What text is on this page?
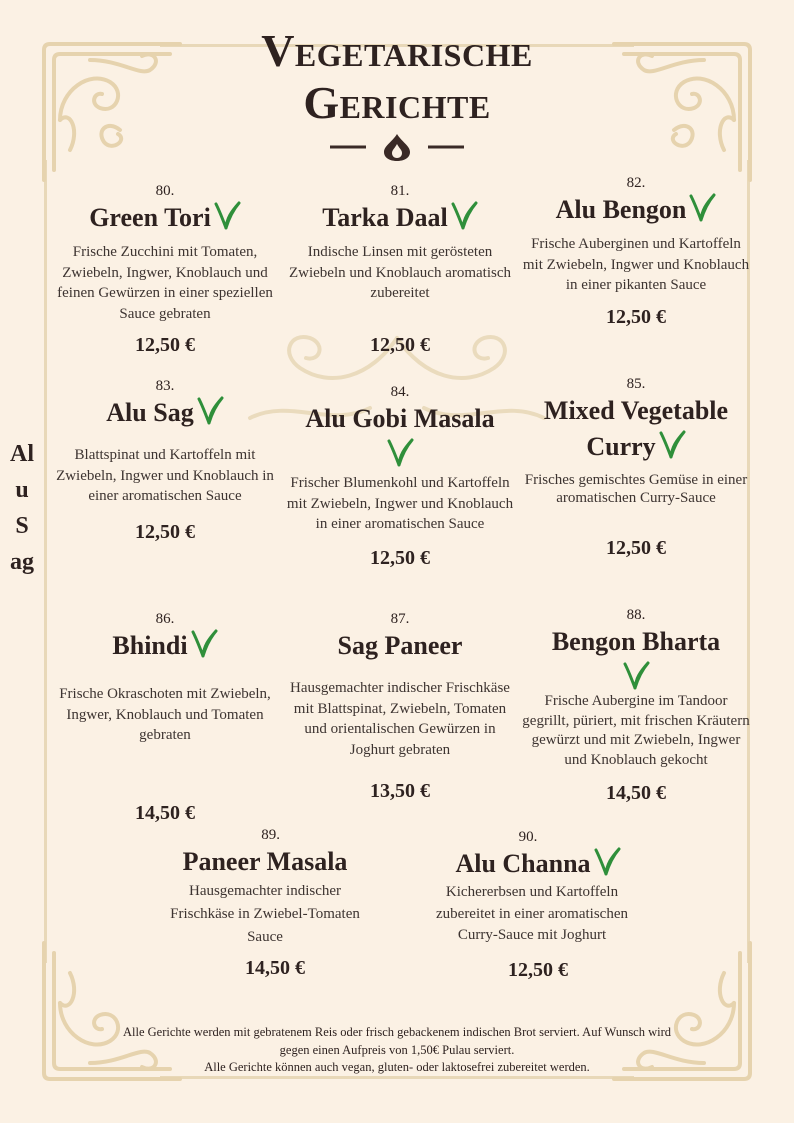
Vegetarische
Gerichte
AluSag
80.
Green Tori
Frische Zucchini mit Tomaten, Zwiebeln, Ingwer, Knoblauch und feinen Gewürzen in einer speziellen Sauce gebraten
12,50 €
81.
Tarka Daal
Indische Linsen mit gerösteten Zwiebeln und Knoblauch aromatisch zubereitet
12,50 €
82.
Alu Bengon
Frische Auberginen und Kartoffeln mit Zwiebeln, Ingwer und Knoblauch in einer pikanten Sauce
12,50 €
83.
Alu Sag
Blattspinat und Kartoffeln mit Zwiebeln, Ingwer und Knoblauch in einer aromatischen Sauce
12,50 €
84.
Alu Gobi Masala
Frischer Blumenkohl und Kartoffeln mit Zwiebeln, Ingwer und Knoblauch in einer aromatischen Sauce
12,50 €
85.
Mixed Vegetable Curry
Frisches gemischtes Gemüse in einer aromatischen Curry-Sauce
12,50 €
86.
Bhindi
Frische Okraschoten mit Zwiebeln, Ingwer, Knoblauch und Tomaten gebraten
14,50 €
87.
Sag Paneer
Hausgemachter indischer Frischkäse mit Blattspinat, Zwiebeln, Tomaten und orientalischen Gewürzen in Joghurt gebraten
13,50 €
88.
Bengon Bharta
Frische Aubergine im Tandoor gegrillt, püriert, mit frischen Kräutern gewürzt und mit Zwiebeln, Ingwer und Knoblauch gekocht
14,50 €
89.
Paneer Masala
Hausgemachter indischer Frischkäse in Zwiebel-Tomaten Sauce
14,50 €
90.
Alu Channa
Kichererbsen und Kartoffeln zubereitet in einer aromatischen Curry-Sauce mit Joghurt
12,50 €
Alle Gerichte werden mit gebratenem Reis oder frisch gebackenem indischen Brot serviert. Auf Wunsch wird gegen einen Aufpreis von 1,50€ Pulau serviert.
Alle Gerichte können auch vegan, gluten- oder laktosefrei zubereitet werden.
